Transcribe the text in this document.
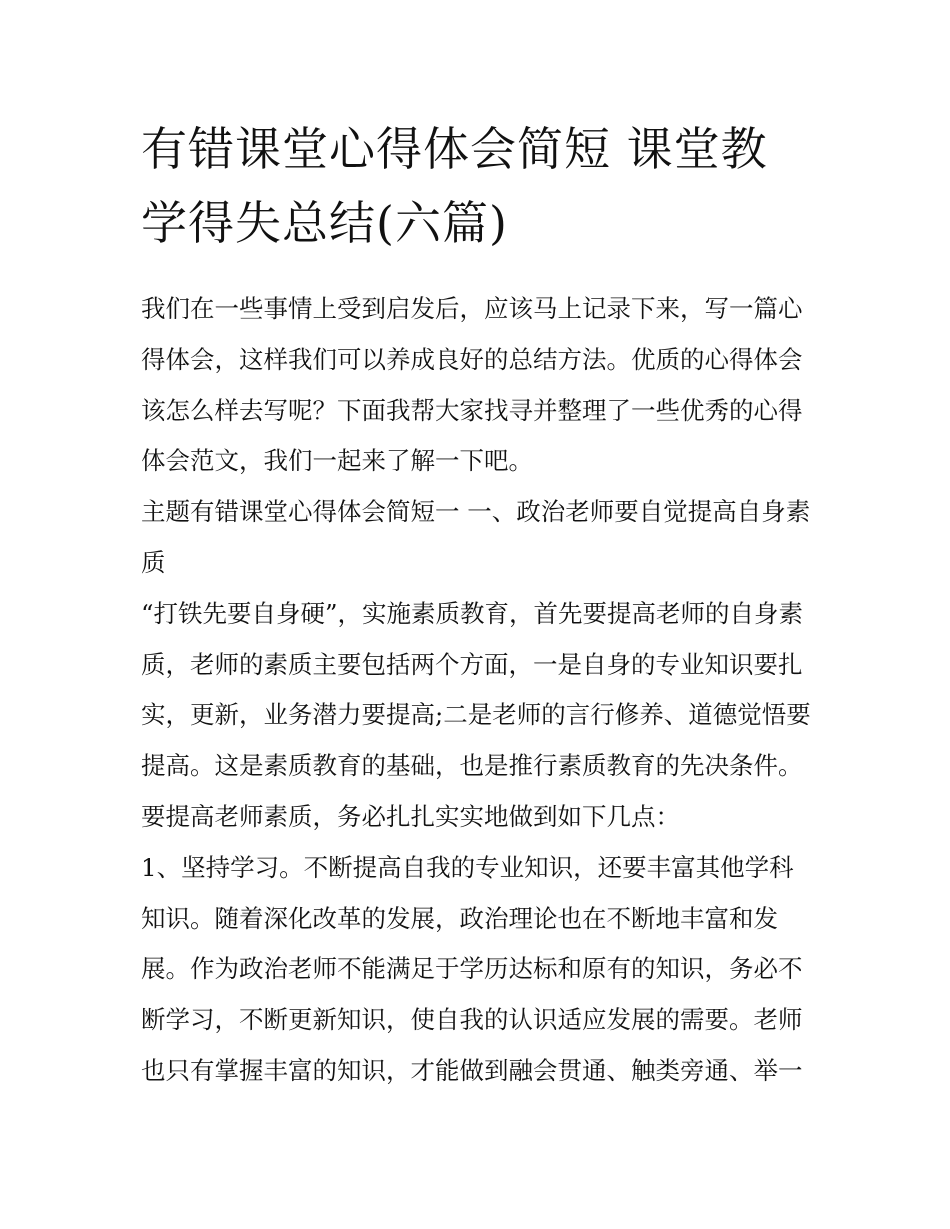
有错课堂心得体会简短 课堂教学得失总结(六篇)

我们在一些事情上受到启发后，应该马上记录下来，写一篇心得体会，这样我们可以养成良好的总结方法。优质的心得体会该怎么样去写呢？下面我帮大家找寻并整理了一些优秀的心得体会范文，我们一起来了解一下吧。

主题有错课堂心得体会简短一 一、政治老师要自觉提高自身素质

“打铁先要自身硬”，实施素质教育，首先要提高老师的自身素质，老师的素质主要包括两个方面，一是自身的专业知识要扎实，更新，业务潜力要提高;二是老师的言行修养、道德觉悟要提高。这是素质教育的基础，也是推行素质教育的先决条件。要提高老师素质，务必扎扎实实地做到如下几点：

1、坚持学习。不断提高自我的专业知识，还要丰富其他学科知识。随着深化改革的发展，政治理论也在不断地丰富和发展。作为政治老师不能满足于学历达标和原有的知识，务必不断学习，不断更新知识，使自我的认识适应发展的需要。老师也只有掌握丰富的知识，才能做到融会贯通、触类旁通、举一
